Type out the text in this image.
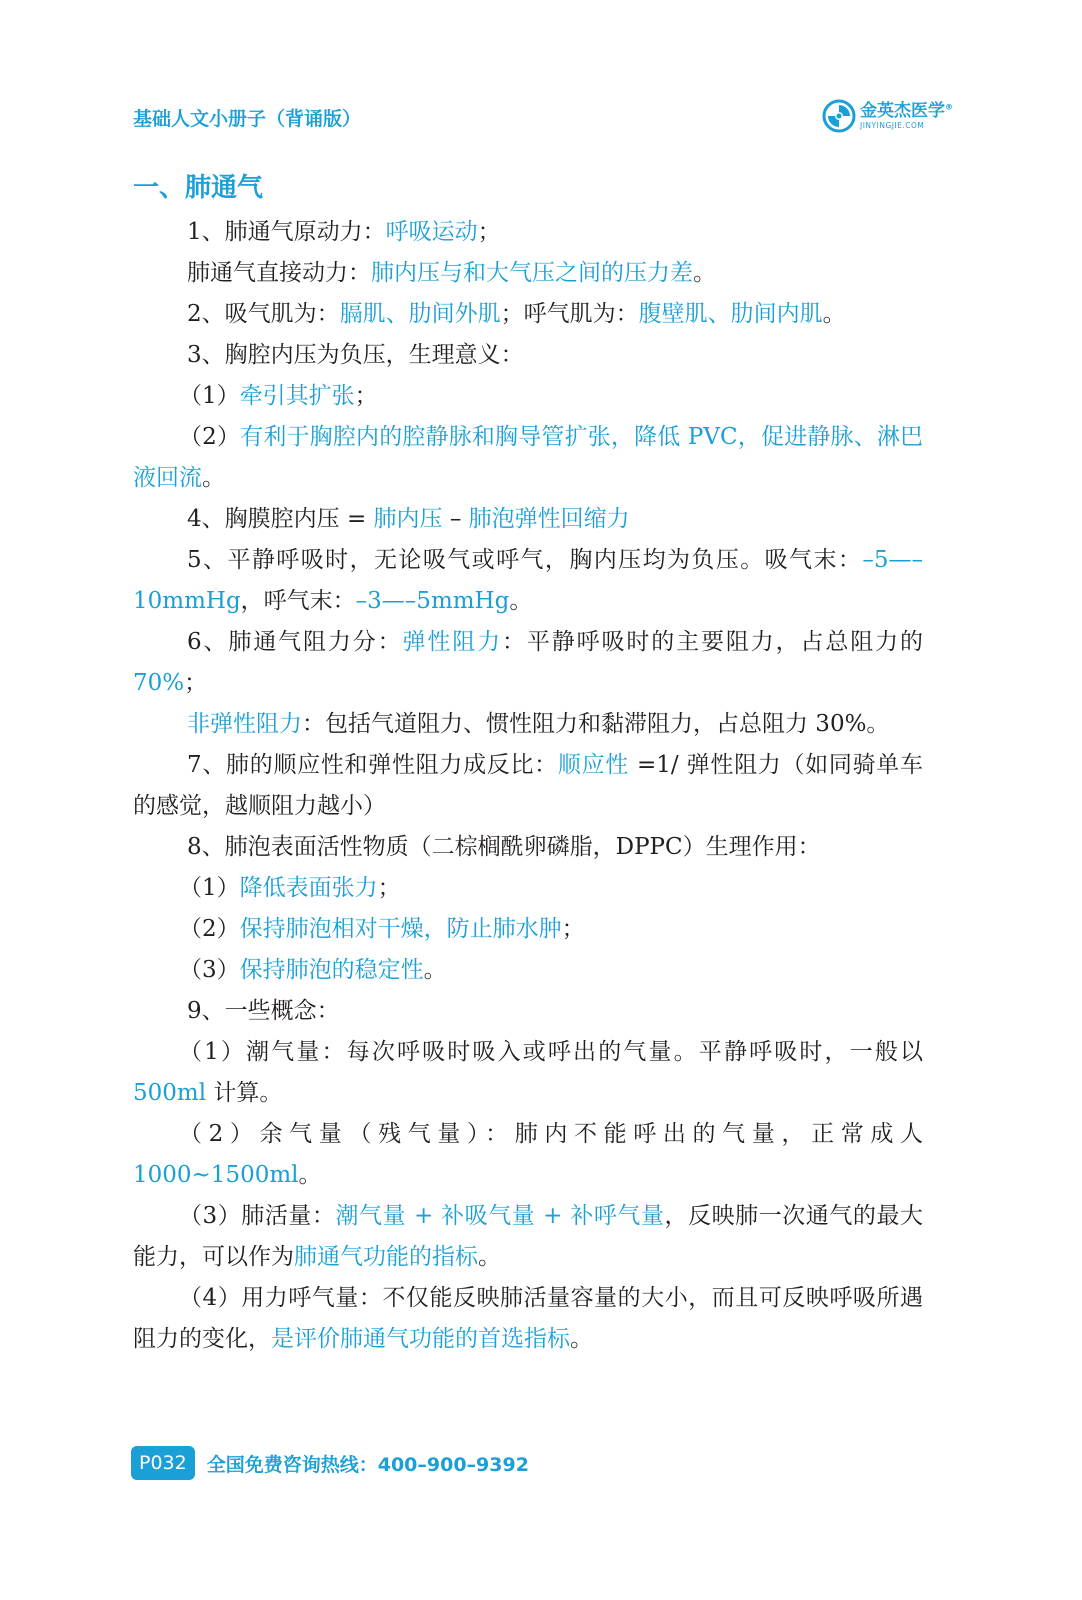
基础人文小册子（背诵版）	金英杰医学®
JINYINGJIE.COM
一、肺通气

1、肺通气原动力：呼吸运动；

肺通气直接动力：肺内压与和大气压之间的压力差。

2、吸气肌为：膈肌、肋间外肌；呼气肌为：腹壁肌、肋间内肌。

3、胸腔内压为负压，生理意义：

（1）牵引其扩张；

（2）有利于胸腔内的腔静脉和胸导管扩张，降低 PVC，促进静脉、淋巴液回流。

4、胸膜腔内压 = 肺内压 – 肺泡弹性回缩力

5、平静呼吸时，无论吸气或呼气，胸内压均为负压。吸气末：–5—–10mmHg，呼气末：–3—–5mmHg。

6、肺通气阻力分：弹性阻力：平静呼吸时的主要阻力，占总阻力的 70%；

非弹性阻力：包括气道阻力、惯性阻力和黏滞阻力，占总阻力 30%。

7、肺的顺应性和弹性阻力成反比：顺应性 =1/ 弹性阻力（如同骑单车的感觉，越顺阻力越小）

8、肺泡表面活性物质（二棕榈酰卵磷脂，DPPC）生理作用：

（1）降低表面张力；

（2）保持肺泡相对干燥，防止肺水肿；

（3）保持肺泡的稳定性。

9、一些概念：

（1）潮气量：每次呼吸时吸入或呼出的气量。平静呼吸时，一般以 500ml 计算。

（2）余气量（残气量）：肺内不能呼出的气量，正常成人 1000~1500ml。

（3）肺活量：潮气量 + 补吸气量 + 补呼气量，反映肺一次通气的最大能力，可以作为肺通气功能的指标。

（4）用力呼气量：不仅能反映肺活量容量的大小，而且可反映呼吸所遇阻力的变化，是评价肺通气功能的首选指标。

P032	全国免费咨询热线：400–900–9392
